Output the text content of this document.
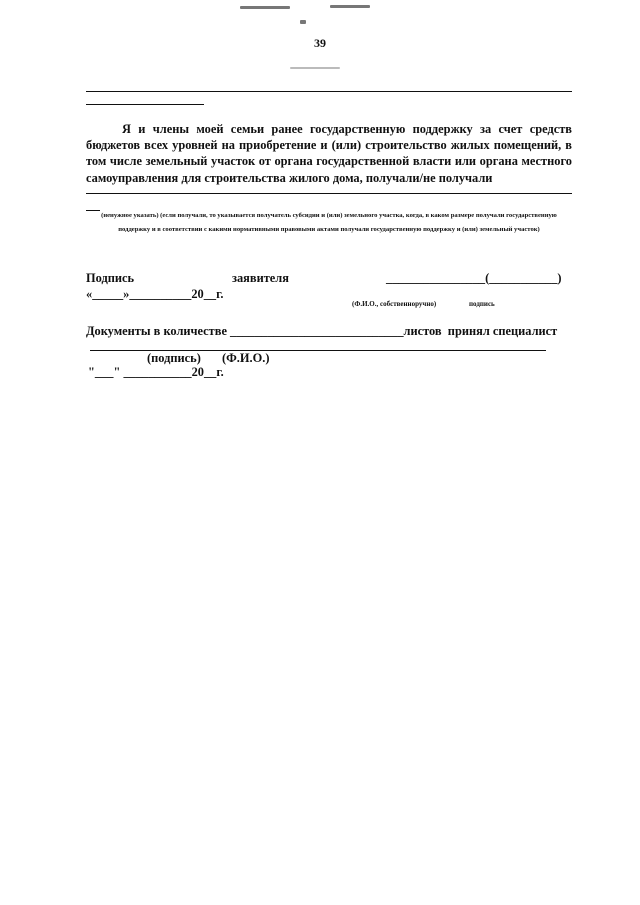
39
Я и члены моей семьи ранее государственную поддержку за счет средств бюджетов всех уровней на приобретение и (или) строительство жилых помещений, в том числе земельный участок от органа государственной власти или органа местного самоуправления для строительства жилого дома, получали/не получали
(ненужное указать) (если получали, то указывается получатель субсидии и (или) земельного участка, когда, в каком размере получали государственную поддержку и в соответствии с какими нормативными правовыми актами получали государственную поддержку и (или) земельный участок)
Подпись	заявителя	________________(___________)
«_____»__________20__г.
(Ф.И.О., собственноручно)	подпись
Документы в количестве ____________________________листов  принял специалист
(подпись) (Ф.И.О.)
"___" ___________20__г.
